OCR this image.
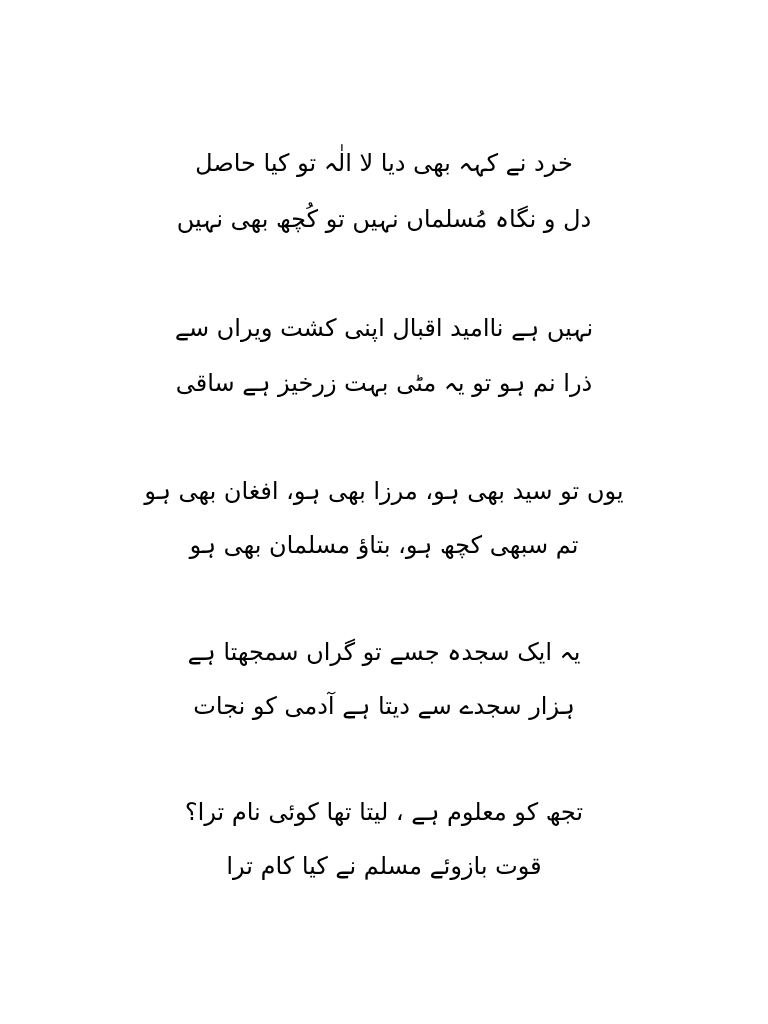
خرد نے کہہ بھی دیا لا الٰہ تو کیا حاصل
دل و نگاہ مُسلماں نہیں تو کُچھ بھی نہیں
نہیں ہے ناامید اقبال اپنی کشت ویراں سے
ذرا نم ہو تو یہ مٹی بہت زرخیز ہے ساقی
یوں تو سید بھی ہو، مرزا بھی ہو، افغان بھی ہو
تم سبھی کچھ ہو، بتاؤ مسلمان بھی ہو
یہ ایک سجدہ جسے تو گراں سمجھتا ہے
ہزار سجدے سے دیتا ہے آدمی کو نجات
تجھ کو معلوم ہے ، لیتا تھا کوئی نام ترا؟
قوت بازوئے مسلم نے کیا کام ترا
